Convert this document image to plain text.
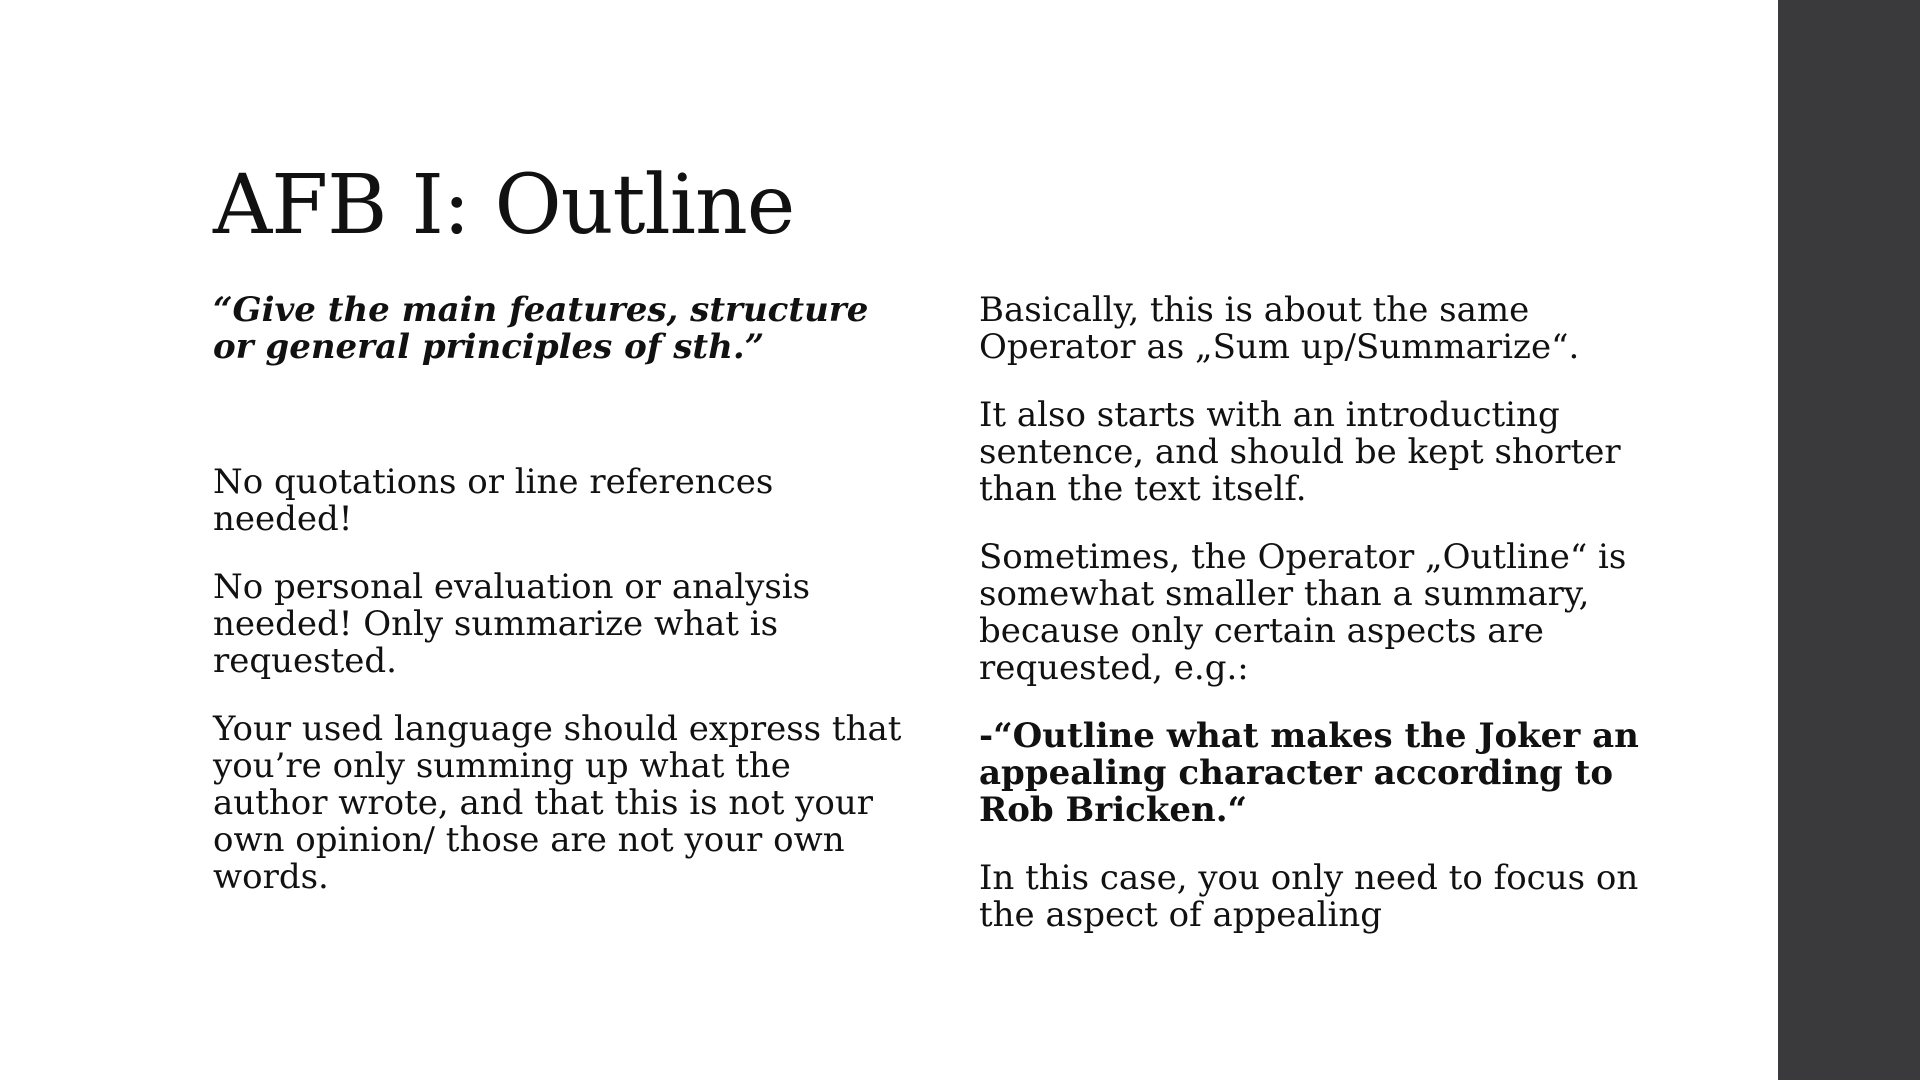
AFB I: Outline

“Give the main features, structure
or general principles of sth.”

No quotations or line references needed!

No personal evaluation or analysis
needed! Only summarize what is
requested.

Your used language should express that
you’re only summing up what the
author wrote, and that this is not your
own opinion/ those are not your own
words.

Basically, this is about the same
Operator as „Sum up/Summarize“.

It also starts with an introducting
sentence, and should be kept shorter
than the text itself.

Sometimes, the Operator „Outline“ is
somewhat smaller than a summary,
because only certain aspects are
requested, e.g.:

-“Outline what makes the Joker an
appealing character according to
Rob Bricken.“

In this case, you only need to focus on
the aspect of appealing
